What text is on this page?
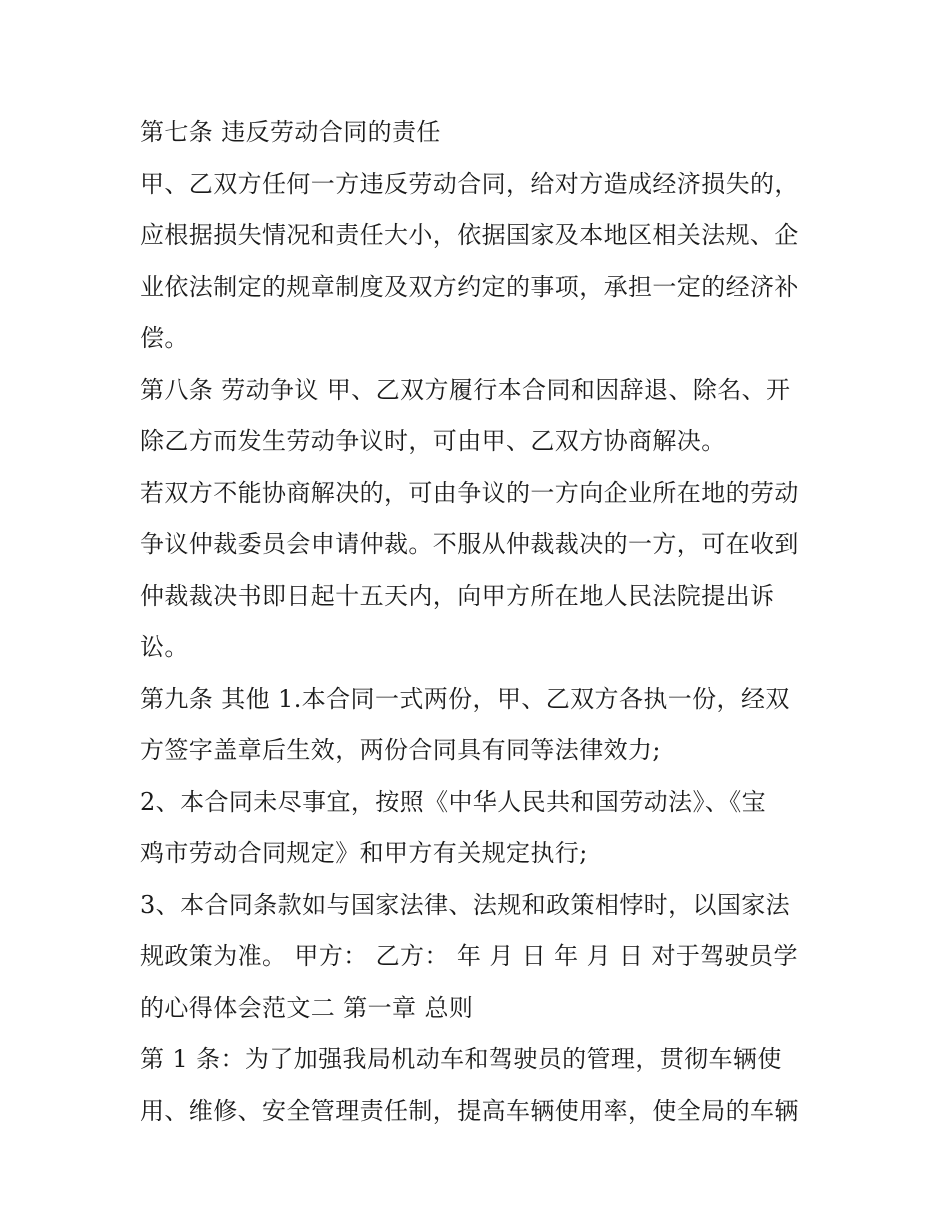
第七条 违反劳动合同的责任
甲、乙双方任何一方违反劳动合同，给对方造成经济损失的，
应根据损失情况和责任大小，依据国家及本地区相关法规、企
业依法制定的规章制度及双方约定的事项，承担一定的经济补
偿。
第八条 劳动争议 甲、乙双方履行本合同和因辞退、除名、开
除乙方而发生劳动争议时，可由甲、乙双方协商解决。
若双方不能协商解决的，可由争议的一方向企业所在地的劳动
争议仲裁委员会申请仲裁。不服从仲裁裁决的一方，可在收到
仲裁裁决书即日起十五天内，向甲方所在地人民法院提出诉
讼。
第九条 其他 1.本合同一式两份，甲、乙双方各执一份，经双
方签字盖章后生效，两份合同具有同等法律效力;
2、本合同未尽事宜，按照《中华人民共和国劳动法》、《宝
鸡市劳动合同规定》和甲方有关规定执行;
3、本合同条款如与国家法律、法规和政策相悖时，以国家法
规政策为准。 甲方： 乙方： 年 月 日 年 月 日 对于驾驶员学
的心得体会范文二 第一章 总则
第 1 条：为了加强我局机动车和驾驶员的管理，贯彻车辆使
用、维修、安全管理责任制，提高车辆使用率，使全局的车辆
